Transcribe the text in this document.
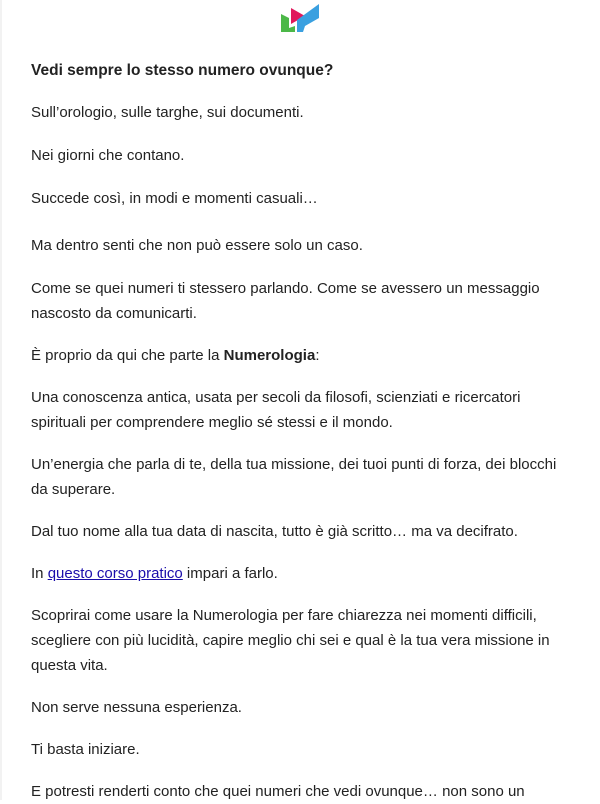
Vedi sempre lo stesso numero ovunque?

Sull’orologio, sulle targhe, sui documenti.

Nei giorni che contano.

Succede così, in modi e momenti casuali…

Ma dentro senti che non può essere solo un caso.

Come se quei numeri ti stessero parlando. Come se avessero un messaggio nascosto da comunicarti.

È proprio da qui che parte la Numerologia:

Una conoscenza antica, usata per secoli da filosofi, scienziati e ricercatori spirituali per comprendere meglio sé stessi e il mondo.

Un’energia che parla di te, della tua missione, dei tuoi punti di forza, dei blocchi da superare.

Dal tuo nome alla tua data di nascita, tutto è già scritto… ma va decifrato.

In questo corso pratico impari a farlo.

Scoprirai come usare la Numerologia per fare chiarezza nei momenti difficili, scegliere con più lucidità, capire meglio chi sei e qual è la tua vera missione in questa vita.

Non serve nessuna esperienza.

Ti basta iniziare.

E potresti renderti conto che quei numeri che vedi ovunque… non sono un
